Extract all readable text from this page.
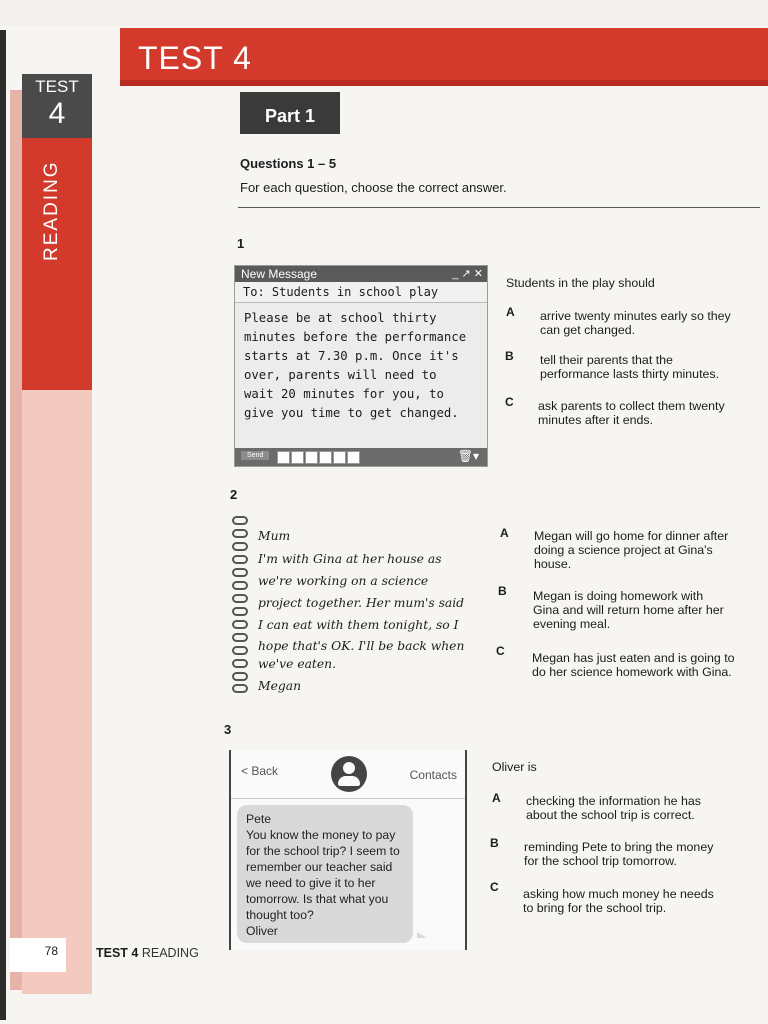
TEST 4
TEST
4	Part 1
Questions 1 – 5
For each question, choose the correct answer.
1
New Message	_ ↗ ✕
To: Students in school play
Please be at school thirty
minutes before the performance
starts at 7.30 p.m. Once it's
over, parents will need to
wait 20 minutes for you, to
give you time to get changed.
Send	🗑▾
Students in the play should
A arrive twenty minutes early so they
can get changed.
B tell their parents that the
performance lasts thirty minutes.
C ask parents to collect them twenty
minutes after it ends.
2
Mum
I'm with Gina at her house as
we're working on a science
project together. Her mum's said
I can eat with them tonight, so I
hope that's OK. I'll be back when
we've eaten.
Megan
A Megan will go home for dinner after
doing a science project at Gina's
house.
B Megan is doing homework with
Gina and will return home after her
evening meal.
C Megan has just eaten and is going to
do her science homework with Gina.
3
< Back	Contacts
Pete
You know the money to pay
for the school trip? I seem to
remember our teacher said
we need to give it to her
tomorrow. Is that what you
thought too?
Oliver
Oliver is
A checking the information he has
about the school trip is correct.
B reminding Pete to bring the money
for the school trip tomorrow.
C asking how much money he needs
to bring for the school trip.
78	TEST 4 READING
